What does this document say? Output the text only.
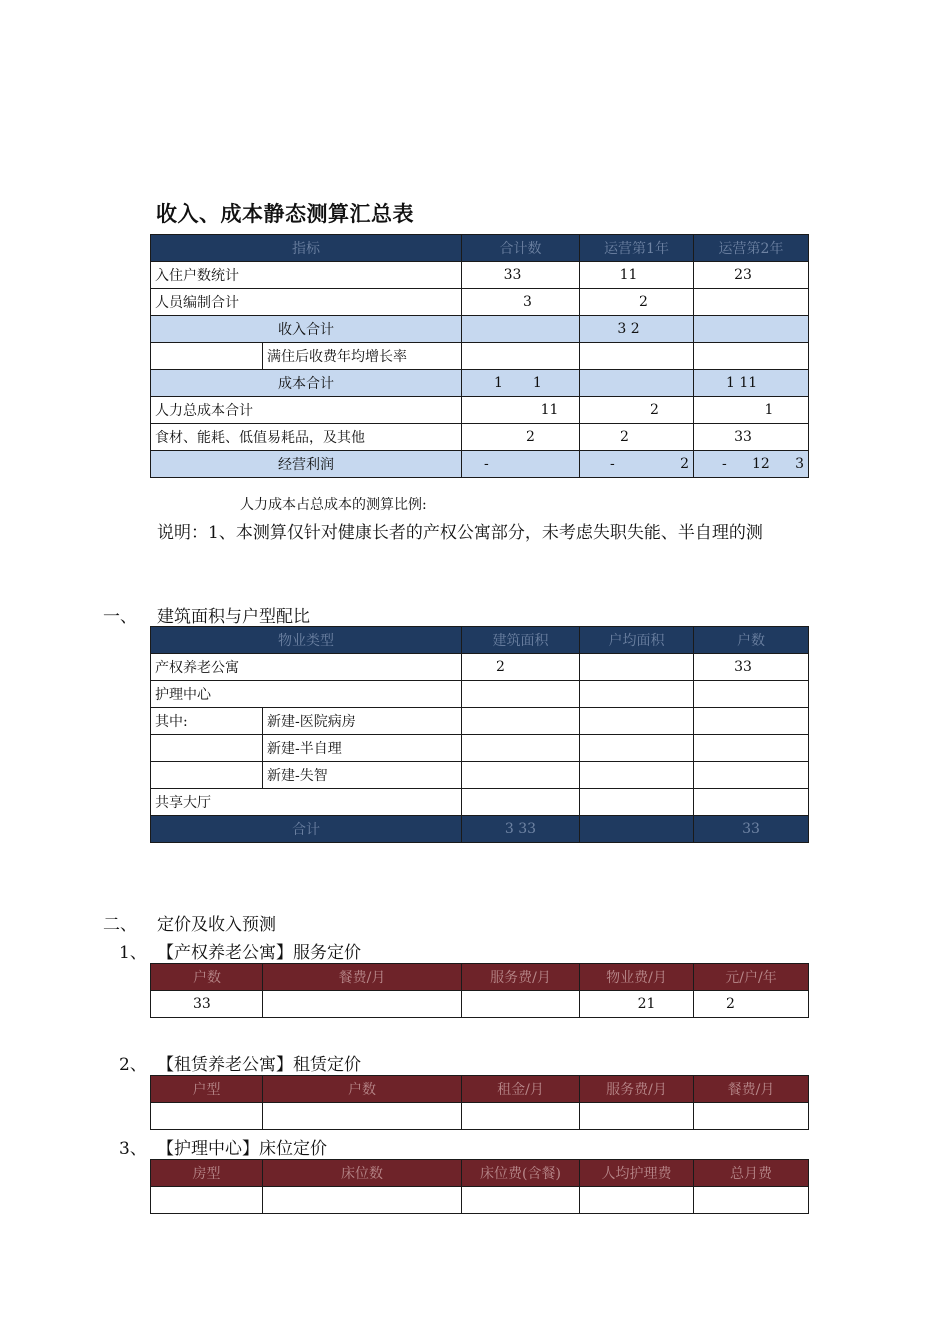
收入、成本静态测算汇总表
指标		合计数	运营第1年	运营第2年
入住户数统计		33	11	23
人员编制合计		3	2	
收入合计			3 2	
	满住后收费年均增长率			
成本合计		1 1		1 11
人力总成本合计		11	2	1
食材、能耗、低值易耗品，及其他		2	2	33
经营利润		-	- 2	- 12 3
人力成本占总成本的测算比例:
说明：1、本测算仅针对健康长者的产权公寓部分，未考虑失职失能、半自理的测
一、 建筑面积与户型配比
物业类型		建筑面积	户均面积	户数
产权养老公寓		2		33
护理中心				
其中:	新建-医院病房			
	新建-半自理			
	新建-失智			
共享大厅				
合计		3 33		33
二、 定价及收入预测
1、 【产权养老公寓】服务定价
户数	餐费/月	服务费/月	物业费/月	元/户/年
33			21	2
2、 【租赁养老公寓】租赁定价
户型	户数	租金/月	服务费/月	餐费/月

3、 【护理中心】床位定价
房型	床位数	床位费(含餐)	人均护理费	总月费
